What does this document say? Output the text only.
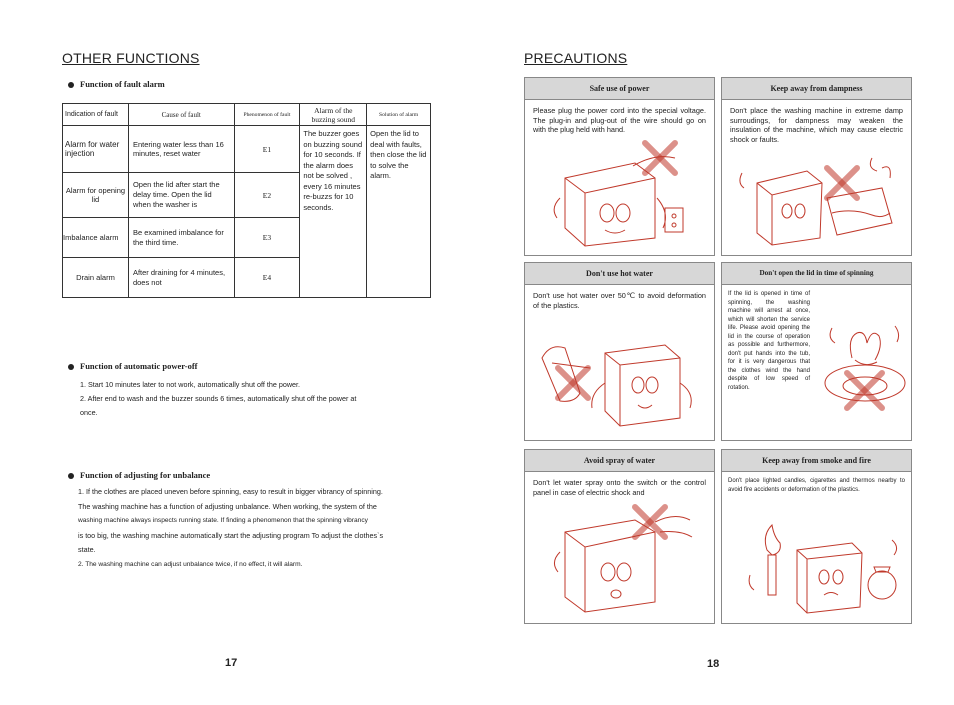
OTHER FUNCTIONS
Function of fault alarm
Indication of fault	Cause of fault	Phenomenon of fault	Alarm of the buzzing sound	Solution of alarm
Alarm for water injection	Entering water less than 16 minutes, reset water	E1	The buzzer goes on buzzing sound for 10 seconds. If the alarm does not be solved , every 16 minutes re-buzzs for 10 seconds.	Open the lid to deal with faults, then close the lid to solve the alarm.
Alarm for opening lid	Open the lid after start the delay time. Open the lid when the washer is	E2		
Imbalance alarm	Be examined imbalance for the third time.	E3		
Drain alarm	After draining for 4 minutes, does not	E4		
Function of automatic power-off
1. Start 10 minutes later to not work, automatically shut off the power.
2. After end to wash and the buzzer sounds 6 times, automatically shut off the power at
once.
Function of adjusting for unbalance
1. If the clothes are placed uneven before spinning, easy to result in bigger vibrancy of spinning.
The washing machine has a function of adjusting unbalance. When working, the system of the
washing machine always inspects running state. If finding a phenomenon that the spinning vibrancy
is too big, the washing machine automatically start the adjusting program To adjust the clothes`s
state.
2. The washing machine can adjust unbalance twice, if no effect, it will alarm.
17
PRECAUTIONS
Safe use of power
Please plug the power cord into the special voltage. The plug-in and plug-out of the wire should go on with the plug held with hand.
Keep away from dampness
Don't place the washing machine in extreme damp surroudings, for dampness may weaken the insulation of the machine, which may cause electric shock or faults.
Don't use hot water
Don't use hot water over 50℃ to avoid deformation of the plastics.
Don't open the lid in time of spinning
If the lid is opened in time of spinning, the washing machine will arrest at once, which will shorten the service life. Please avoid opening the lid in the course of operation as possible and furthermore, don't put hands into the tub, for it is very dangerous that the clothes wind the hand despite of low speed of rotation.
Avoid spray of water
Don't let water spray onto the switch or the control panel in case of electric shock and
Keep away from smoke and fire
Don't place lighted candles, cigarettes and thermos nearby to avoid fire accidents or deformation of the plastics.
18
